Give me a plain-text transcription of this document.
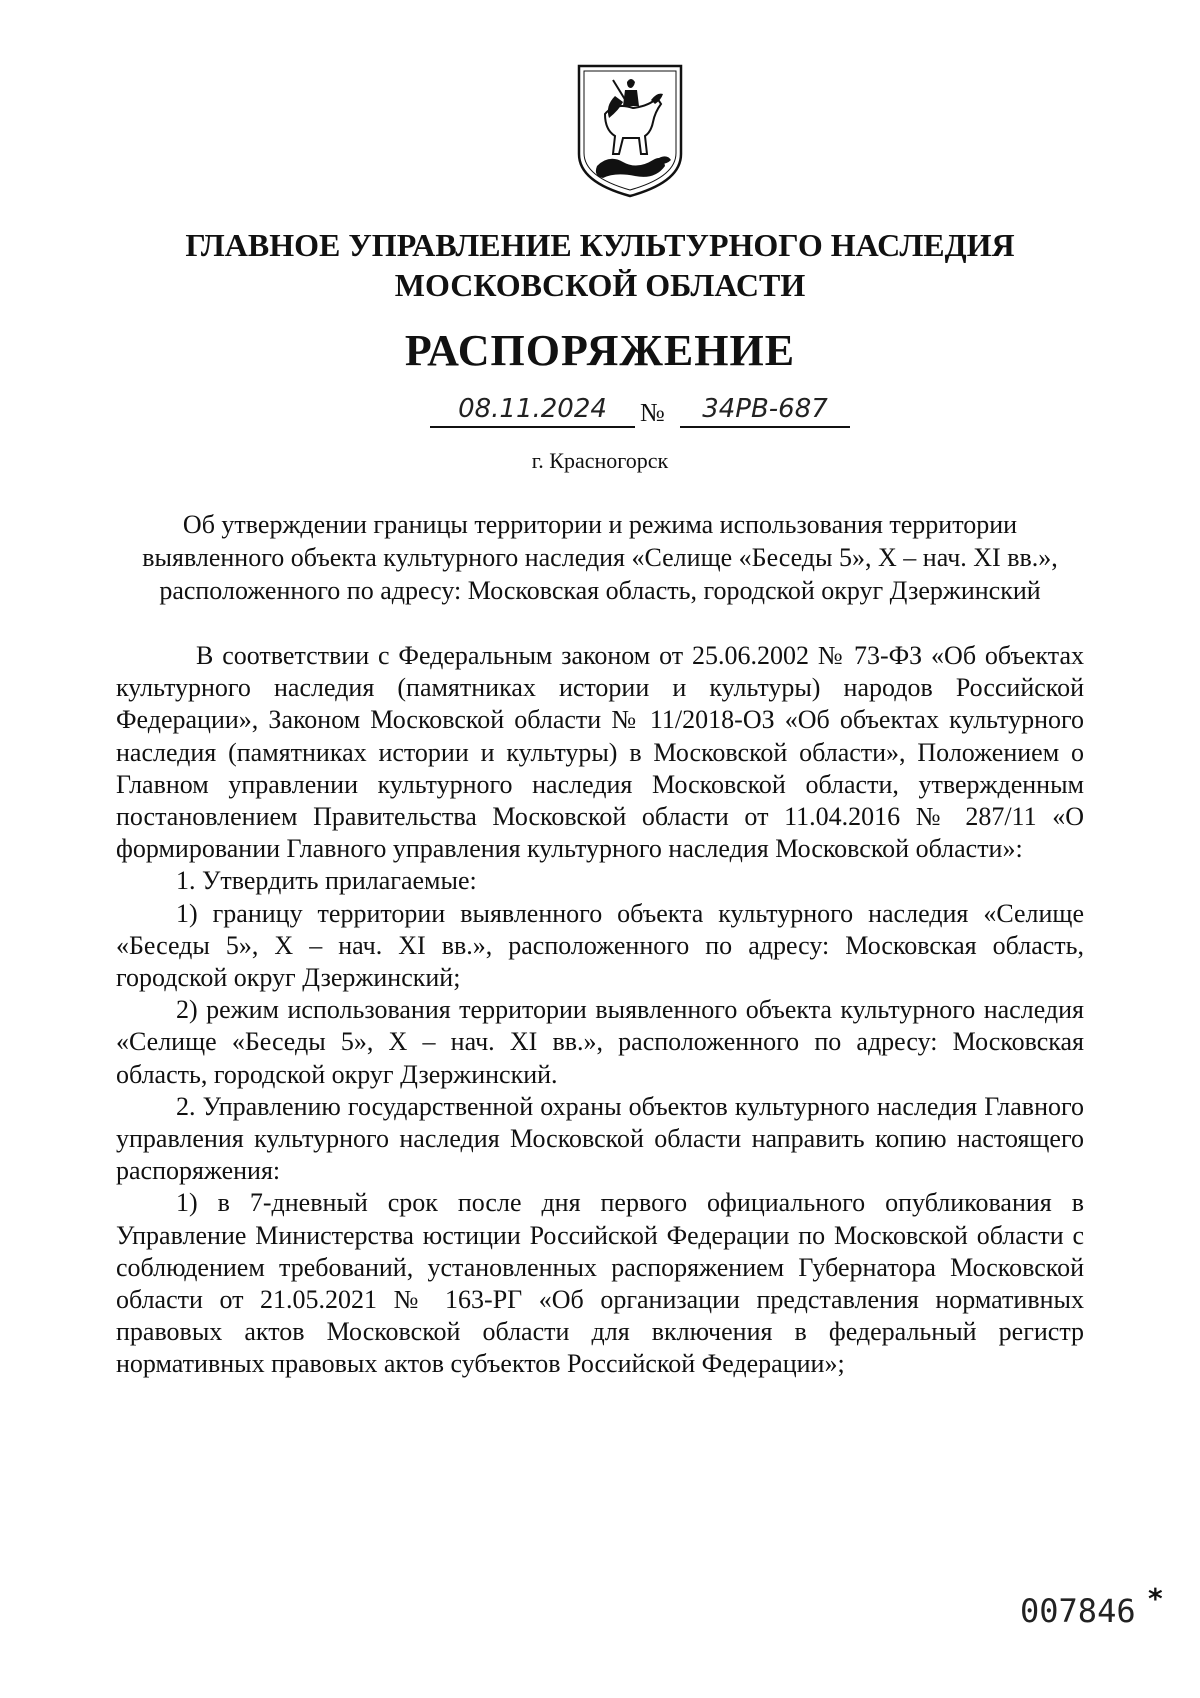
ГЛАВНОЕ УПРАВЛЕНИЕ КУЛЬТУРНОГО НАСЛЕДИЯ
МОСКОВСКОЙ ОБЛАСТИ
РАСПОРЯЖЕНИЕ
08.11.2024	№	34РВ-687
г. Красногорск
Об утверждении границы территории и режима использования территории
выявленного объекта культурного наследия «Селище «Беседы 5», X – нач. XI вв.»,
расположенного по адресу: Московская область, городской округ Дзержинский

В соответствии с Федеральным законом от 25.06.2002 № 73-ФЗ «Об объектах культурного наследия (памятниках истории и культуры) народов Российской Федерации», Законом Московской области № 11/2018-ОЗ «Об объектах культурного наследия (памятниках истории и культуры) в Московской области», Положением о Главном управлении культурного наследия Московской области, утвержденным постановлением Правительства Московской области от 11.04.2016 № 287/11 «О формировании Главного управления культурного наследия Московской области»:

1. Утвердить прилагаемые:

1) границу территории выявленного объекта культурного наследия «Селище «Беседы 5», X – нач. XI вв.», расположенного по адресу: Московская область, городской округ Дзержинский;

2) режим использования территории выявленного объекта культурного наследия «Селище «Беседы 5», X – нач. XI вв.», расположенного по адресу: Московская область, городской округ Дзержинский.

2. Управлению государственной охраны объектов культурного наследия Главного управления культурного наследия Московской области направить копию настоящего распоряжения:

1) в 7-дневный срок после дня первого официального опубликования в Управление Министерства юстиции Российской Федерации по Московской области с соблюдением требований, установленных распоряжением Губернатора Московской области от 21.05.2021 № 163-РГ «Об организации представления нормативных правовых актов Московской области для включения в федеральный регистр нормативных правовых актов субъектов Российской Федерации»;

007846 *
